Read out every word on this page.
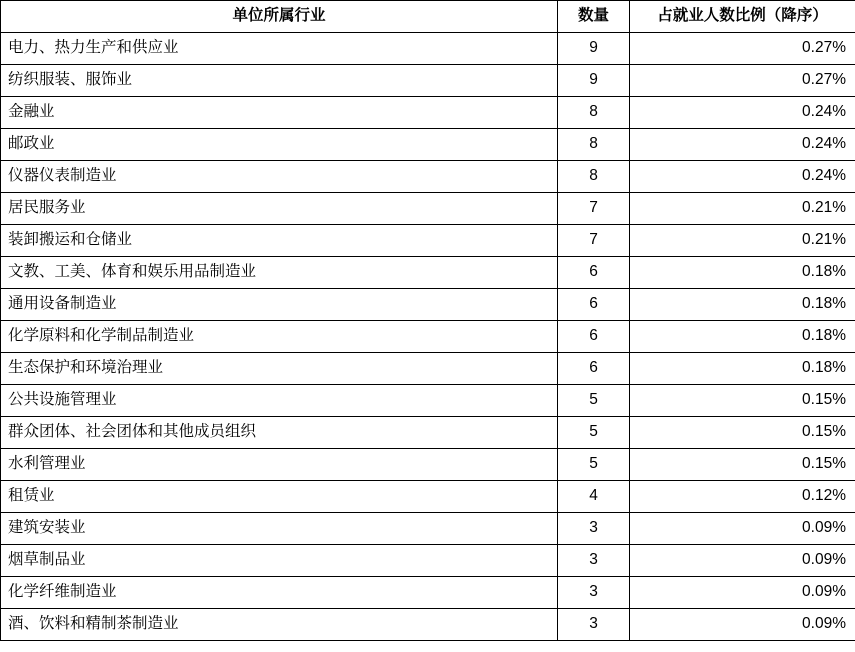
单位所属行业	数量	占就业人数比例（降序）
电力、热力生产和供应业	9	0.27%
纺织服装、服饰业	9	0.27%
金融业	8	0.24%
邮政业	8	0.24%
仪器仪表制造业	8	0.24%
居民服务业	7	0.21%
装卸搬运和仓储业	7	0.21%
文教、工美、体育和娱乐用品制造业	6	0.18%
通用设备制造业	6	0.18%
化学原料和化学制品制造业	6	0.18%
生态保护和环境治理业	6	0.18%
公共设施管理业	5	0.15%
群众团体、社会团体和其他成员组织	5	0.15%
水利管理业	5	0.15%
租赁业	4	0.12%
建筑安装业	3	0.09%
烟草制品业	3	0.09%
化学纤维制造业	3	0.09%
酒、饮料和精制茶制造业	3	0.09%
